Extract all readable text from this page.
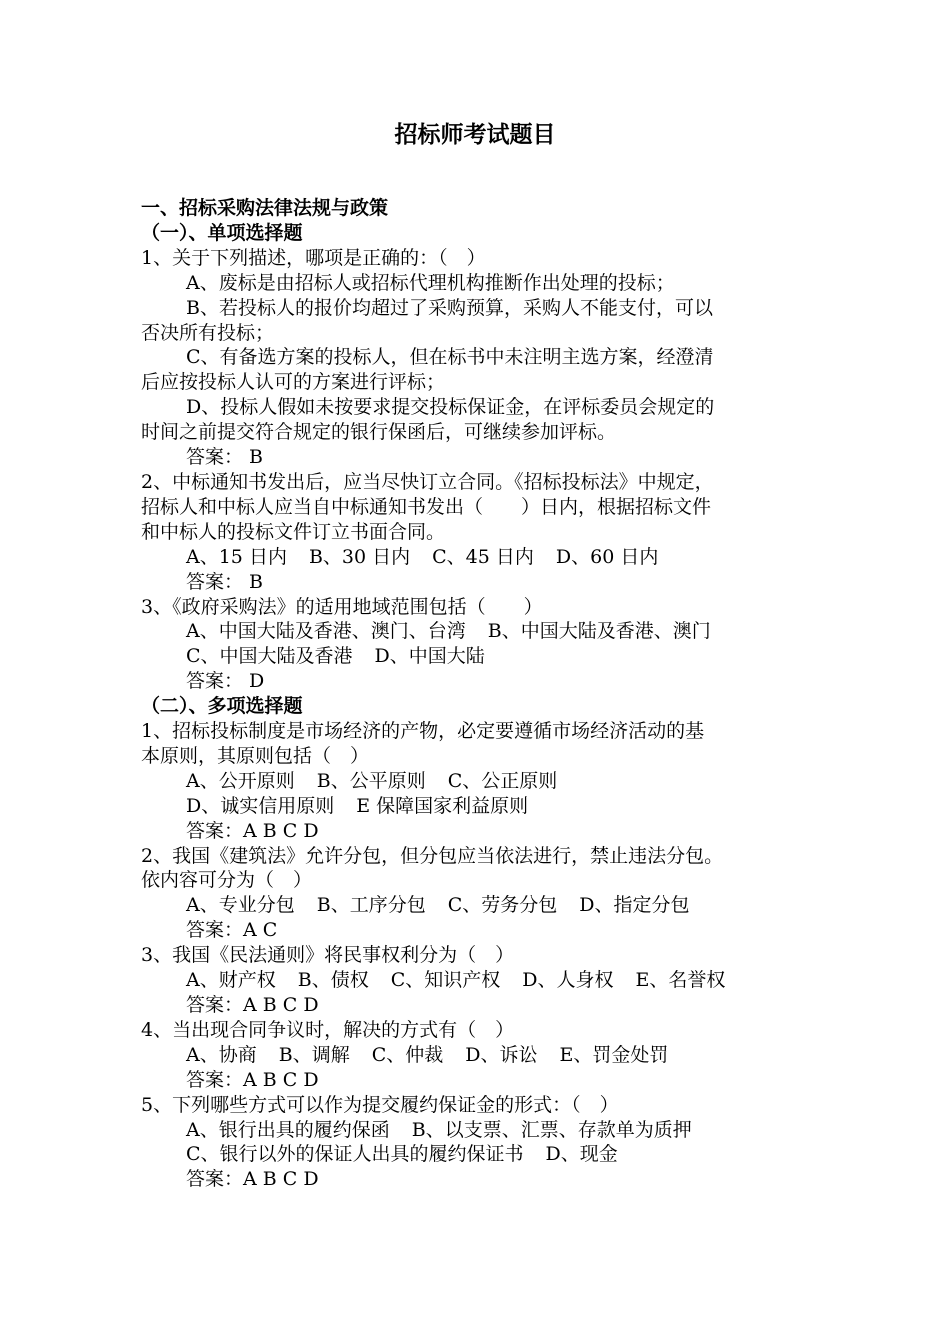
招标师考试题目
一、招标采购法律法规与政策
（一）、单项选择题
1、关于下列描述，哪项是正确的：（　）
A、废标是由招标人或招标代理机构推断作出处理的投标；
B、若投标人的报价均超过了采购预算，采购人不能支付，可以
否决所有投标；
C、有备选方案的投标人，但在标书中未注明主选方案，经澄清
后应按投标人认可的方案进行评标；
D、投标人假如未按要求提交投标保证金，在评标委员会规定的
时间之前提交符合规定的银行保函后，可继续参加评标。
答案： B
2、中标通知书发出后，应当尽快订立合同。《招标投标法》中规定，
招标人和中标人应当自中标通知书发出（　　）日内，根据招标文件
和中标人的投标文件订立书面合同。
A、15 日内 B、30 日内 C、45 日内 D、60 日内
答案： B
3、《政府采购法》的适用地域范围包括（　　）
A、中国大陆及香港、澳门、台湾 B、中国大陆及香港、澳门
C、中国大陆及香港 D、中国大陆
答案： D
（二）、多项选择题
1、招标投标制度是市场经济的产物，必定要遵循市场经济活动的基
本原则，其原则包括（　）
A、公开原则 B、公平原则 C、公正原则
D、诚实信用原则 E 保障国家利益原则
答案：A B C D
2、我国《建筑法》允许分包，但分包应当依法进行，禁止违法分包。
依内容可分为（　）
A、专业分包 B、工序分包 C、劳务分包 D、指定分包
答案：A C
3、我国《民法通则》将民事权利分为（　）
A、财产权 B、债权 C、知识产权 D、人身权 E、名誉权
答案：A B C D
4、当出现合同争议时，解决的方式有（　）
A、协商 B、调解 C、仲裁 D、诉讼 E、罚金处罚
答案：A B C D
5、下列哪些方式可以作为提交履约保证金的形式：（　）
A、银行出具的履约保函 B、以支票、汇票、存款单为质押
C、银行以外的保证人出具的履约保证书 D、现金
答案：A B C D
